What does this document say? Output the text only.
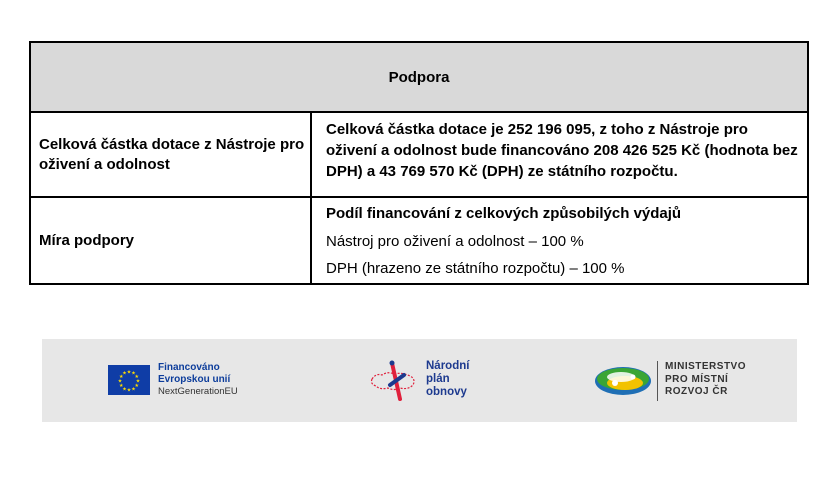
Podpora
Celková částka dotace z Nástroje pro oživení a odolnost
Celková částka dotace je 252 196 095, z toho z Nástroje pro oživení a odolnost bude financováno 208 426 525 Kč (hodnota bez DPH) a 43 769 570 Kč (DPH) ze státního rozpočtu.
Míra podpory
Podíl financování z celkových způsobilých výdajů
Nástroj pro oživení a odolnost – 100 %
DPH (hrazeno ze státního rozpočtu) – 100 %
★ ★
★
★
★
★
★
★
★
★
★
★
Financováno
Evropskou unií
NextGenerationEU
Národní
plán
obnovy
MINISTERSTVO
PRO MÍSTNÍ
ROZVOJ ČR
